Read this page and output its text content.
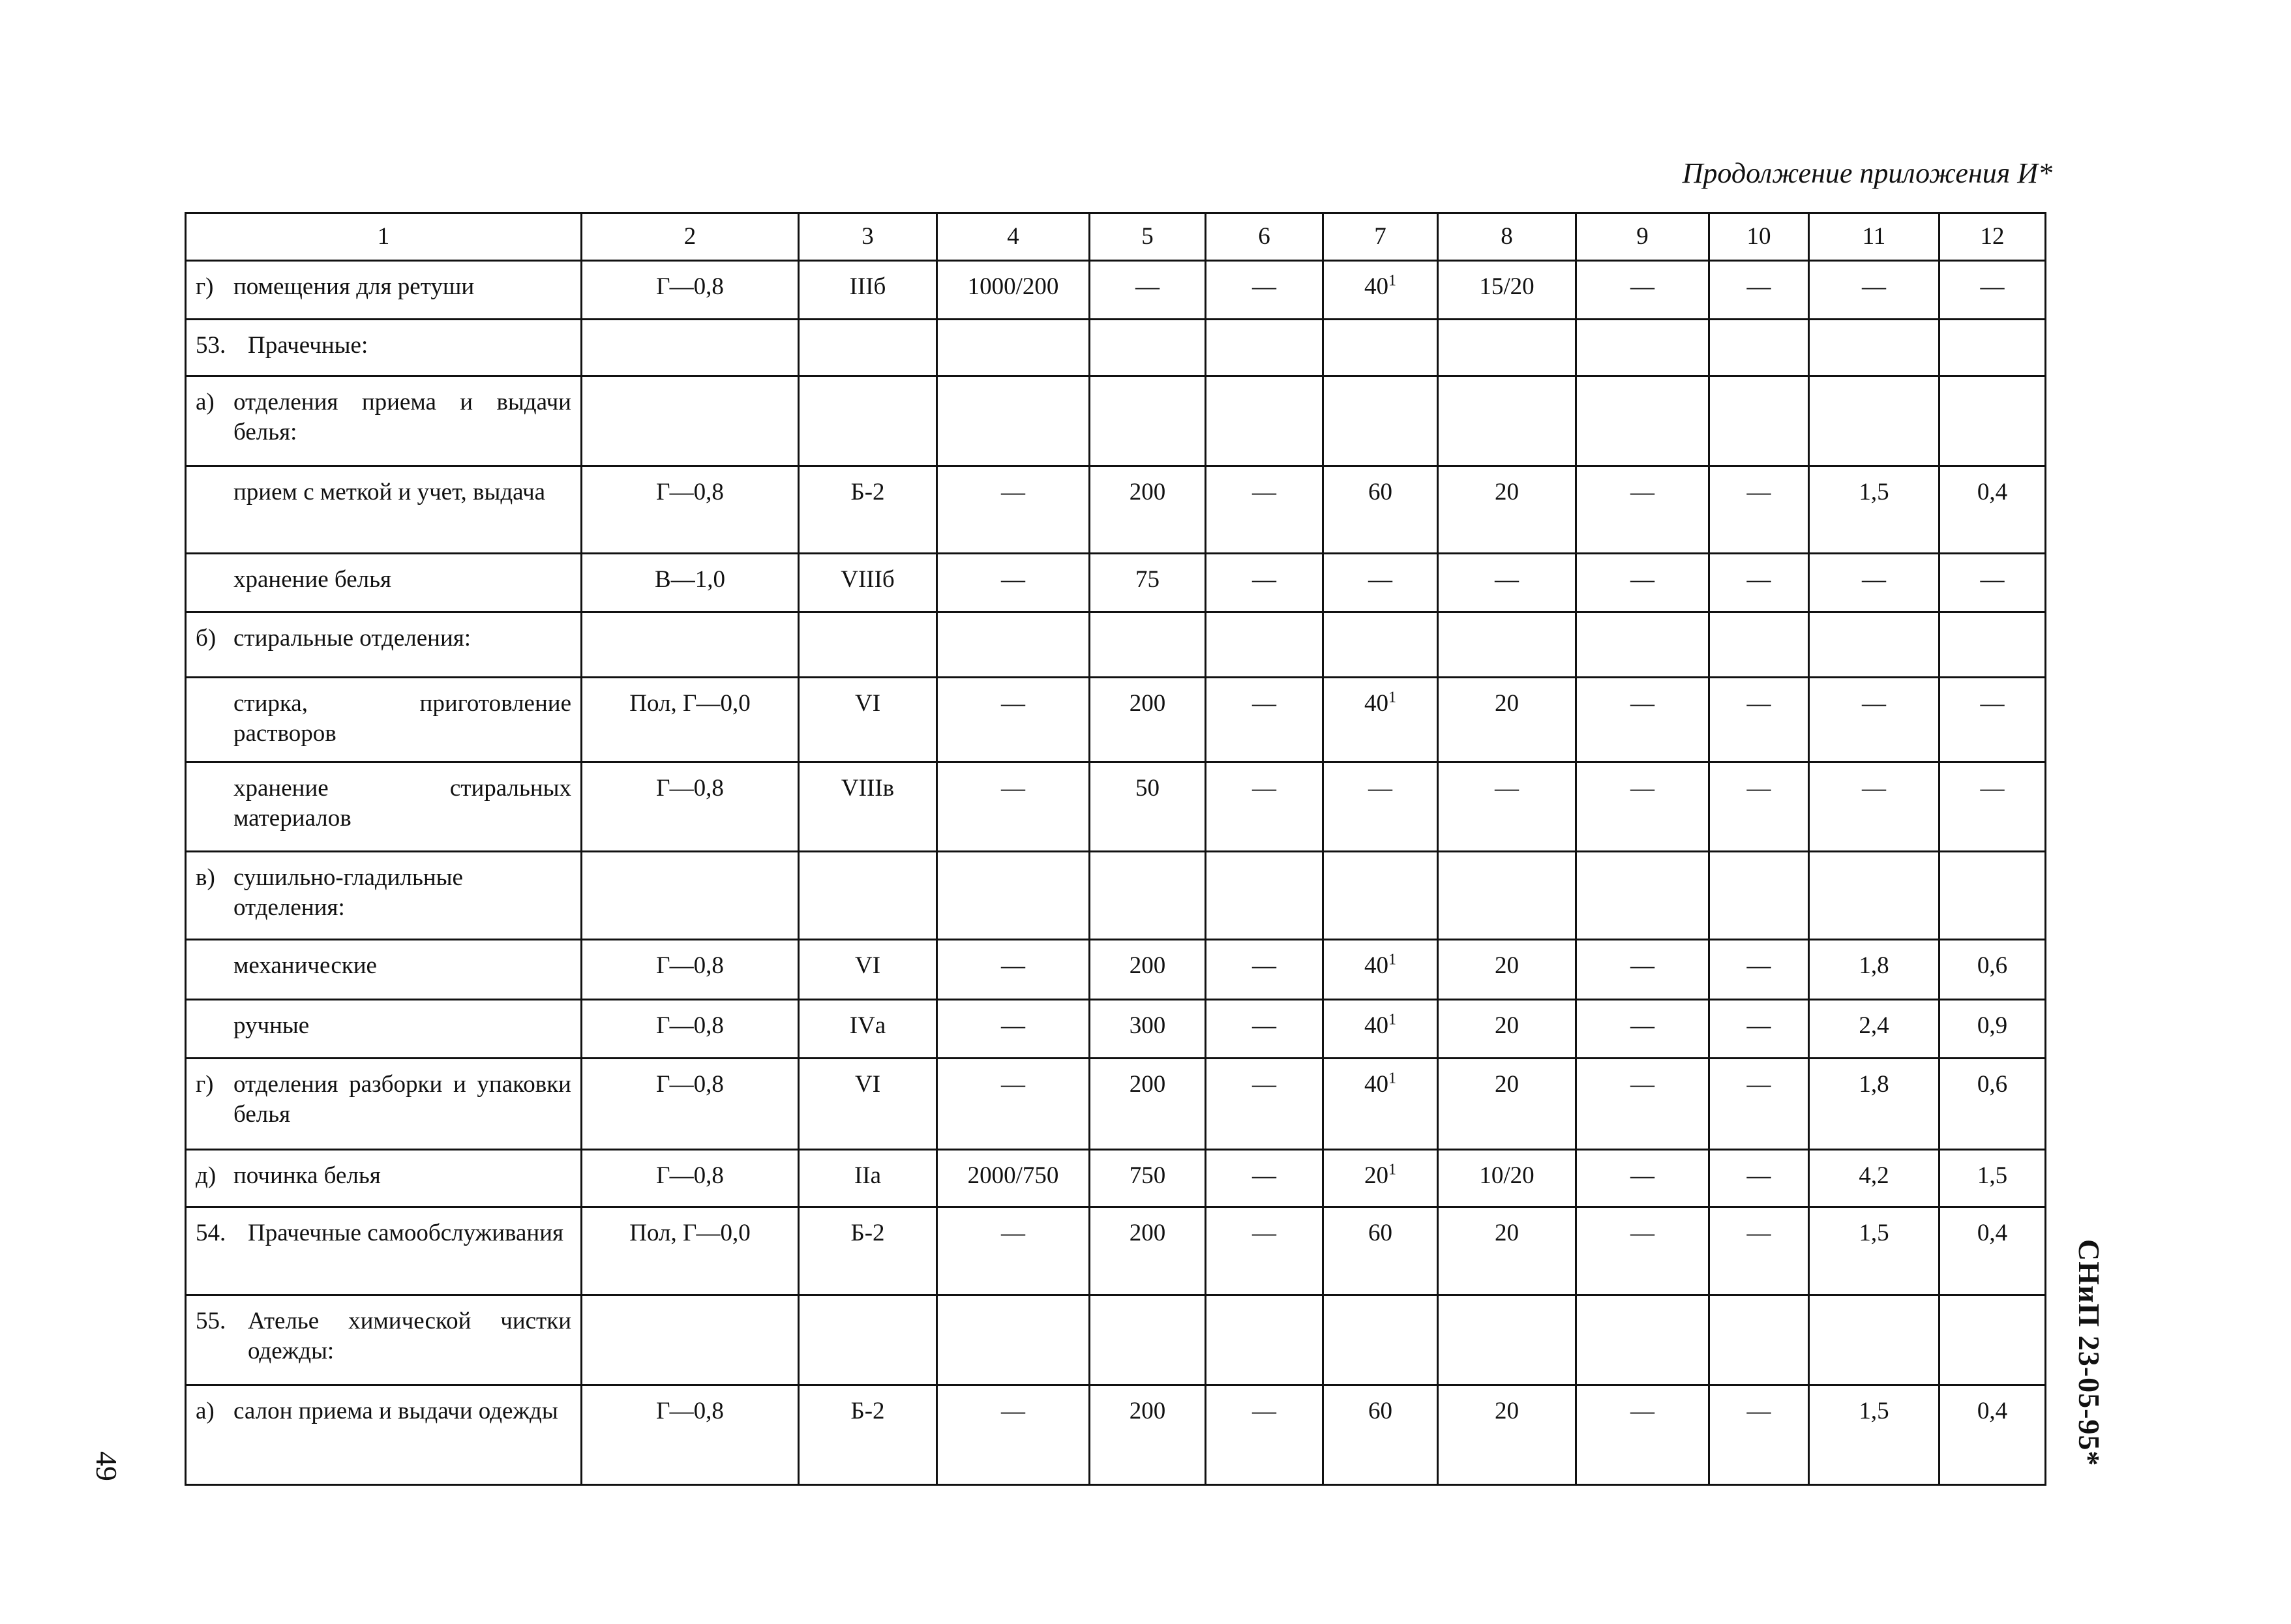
Продолжение приложения И*
1	2	3	4	5	6	7	8	9	10	11	12

г) помещения для ретуши	Г—0,8	IIIб	1000/200	—	—	$40^1$	15/20	—	—	—	—

53. Прачечные:											

а) отделения приема и выдачи белья:											

прием с меткой и учет, выдача	Г—0,8	Б-2	—	200	—	60	20	—	—	1,5	0,4

хранение белья	В—1,0	VIIIб	—	75	—	—	—	—	—	—	—

б) стиральные отделения:											

стирка, приготовление растворов	Пол, Г—0,0	VI	—	200	—	$40^1$	20	—	—	—	—

хранение стиральных материалов	Г—0,8	VIIIв	—	50	—	—	—	—	—	—	—

в) сушильно-гладильные отделения:											

механические	Г—0,8	VI	—	200	—	$40^1$	20	—	—	1,8	0,6

ручные	Г—0,8	IVа	—	300	—	$40^1$	20	—	—	2,4	0,9

г) отделения разборки и упаковки белья	Г—0,8	VI	—	200	—	$40^1$	20	—	—	1,8	0,6

д) починка белья	Г—0,8	IIа	2000/750	750	—	$20^1$	10/20	—	—	4,2	1,5

54. Прачечные самообслуживания	Пол, Г—0,0	Б-2	—	200	—	60	20	—	—	1,5	0,4

55. Ателье химической чистки одежды:											

а) салон приема и выдачи одежды	Г—0,8	Б-2	—	200	—	60	20	—	—	1,5	0,4 СНиП 23-05-95*
49
